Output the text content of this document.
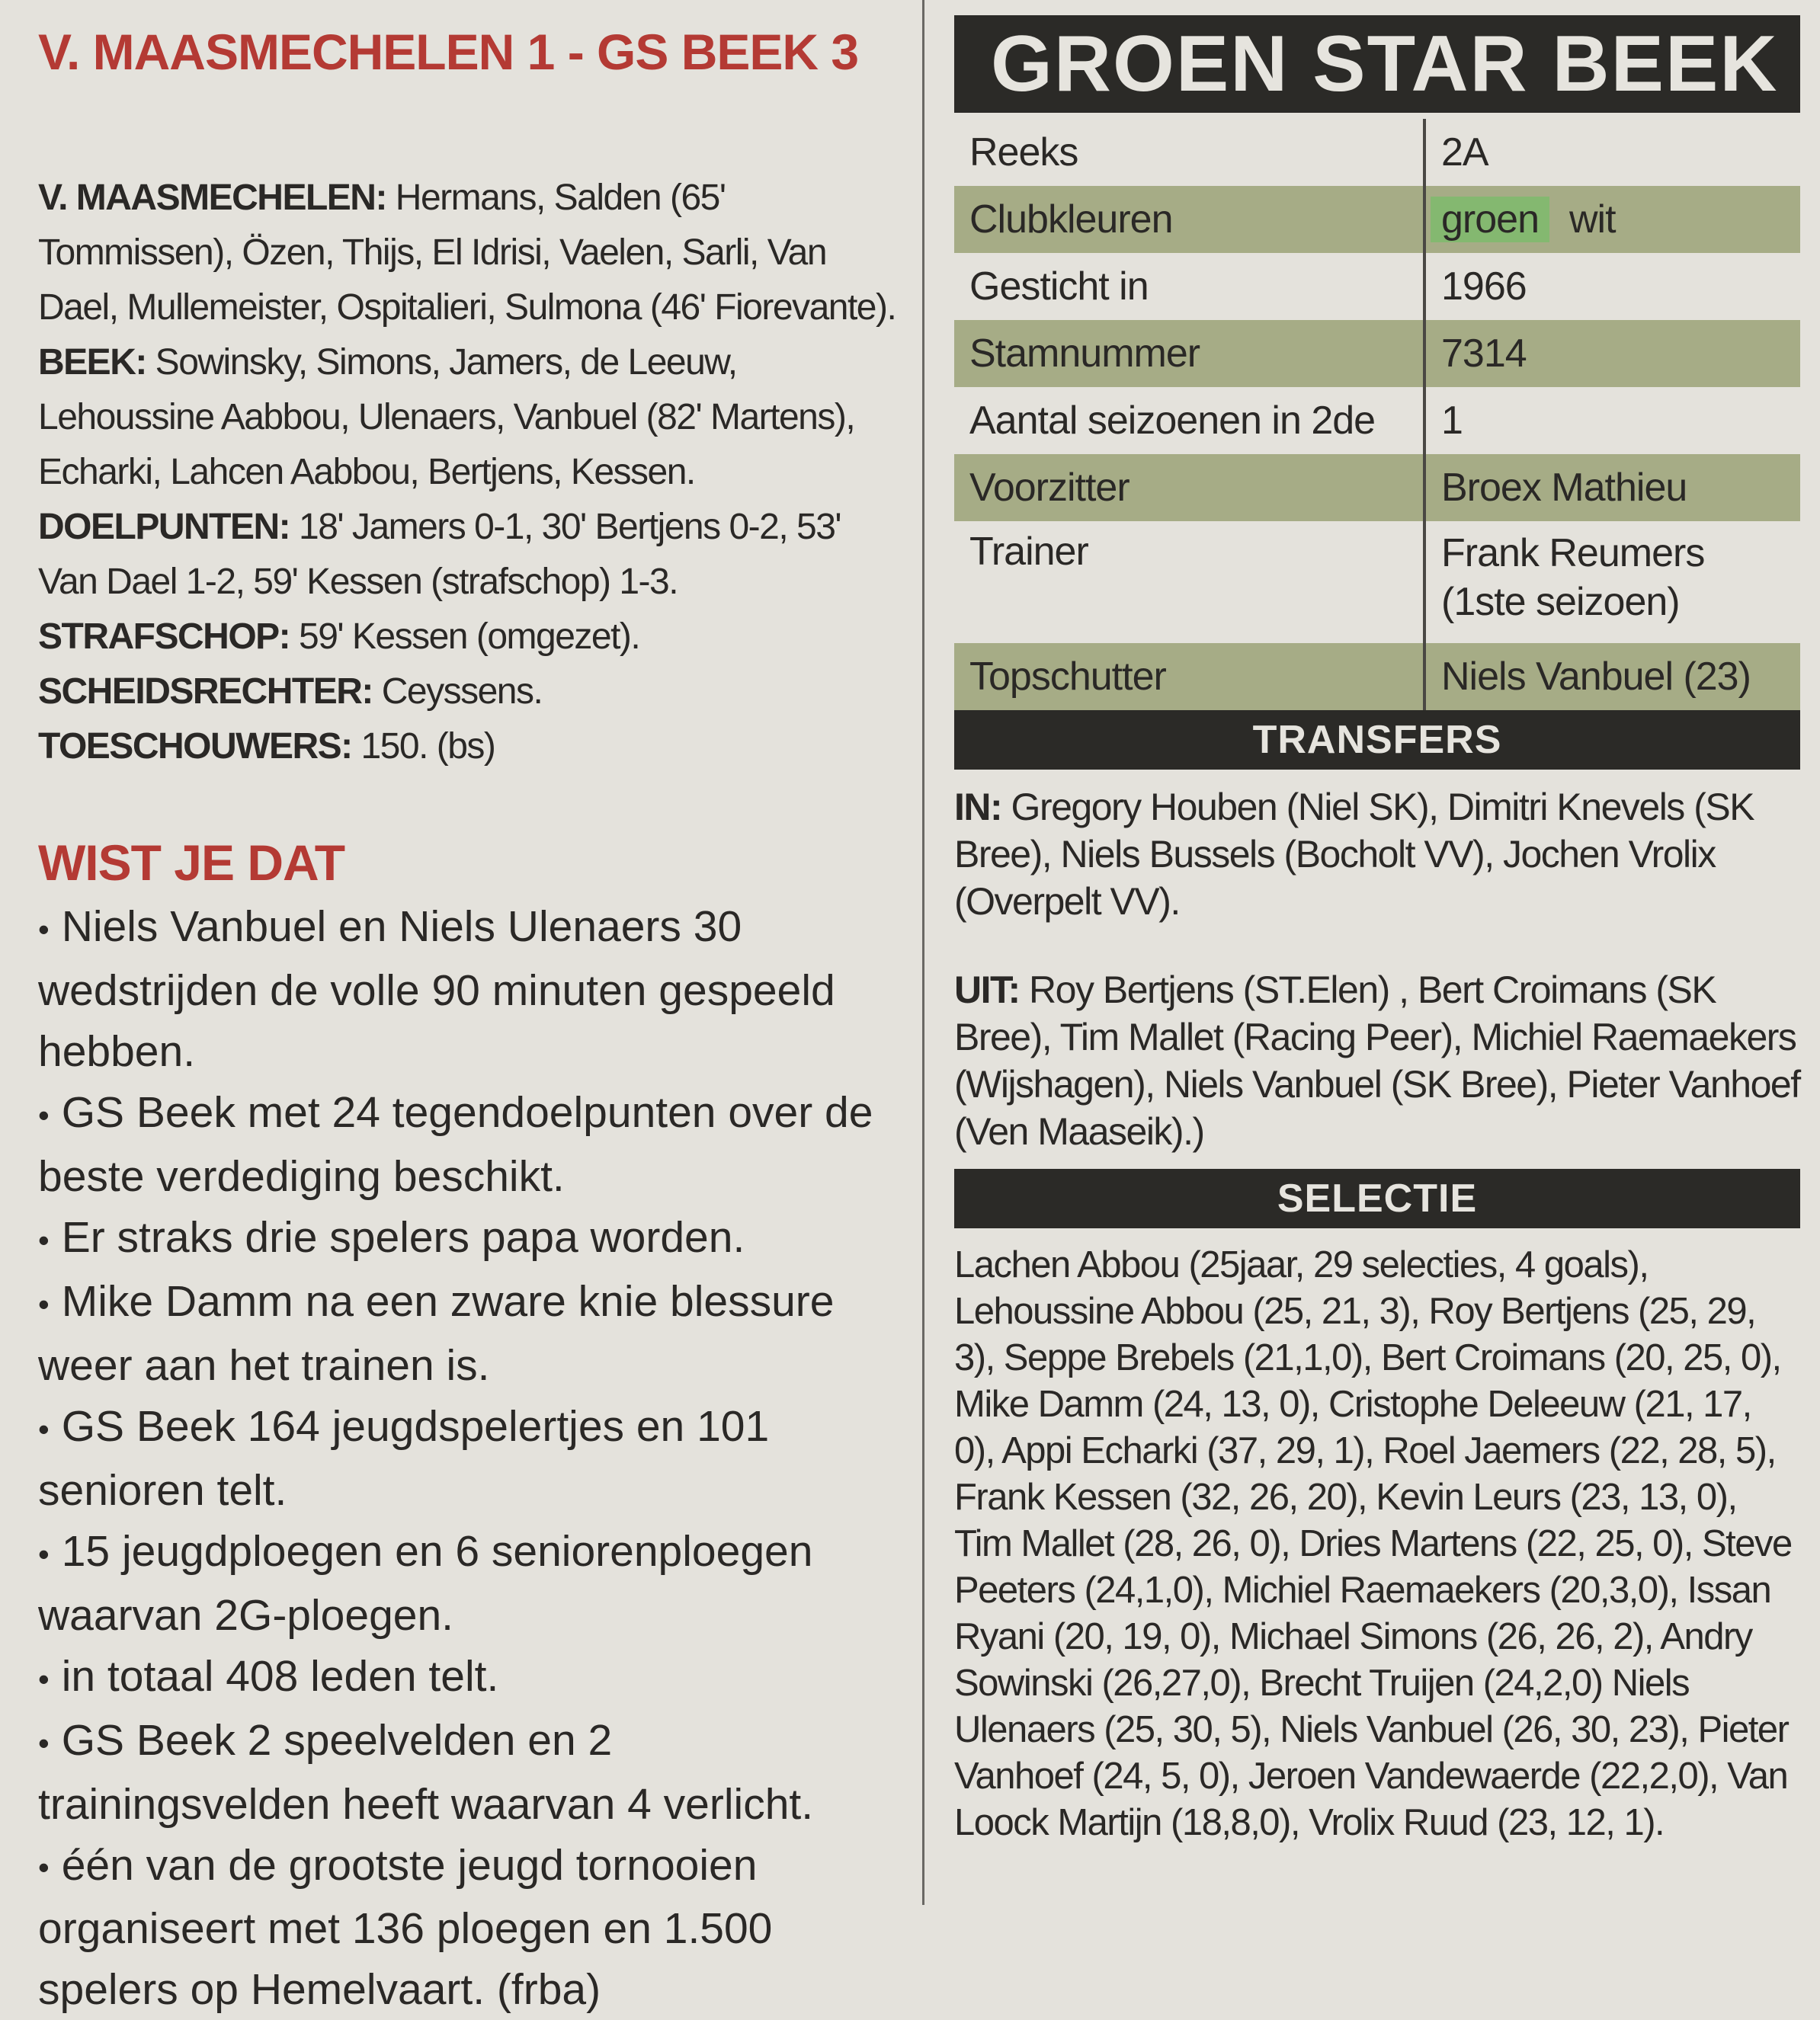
V. MAASMECHELEN 1 - GS BEEK 3

V. MAASMECHELEN: Hermans, Salden (65' Tommissen), Özen, Thijs, El Idrisi, Vaelen, Sarli, Van Dael, Mullemeister, Ospitalieri, Sulmona (46' Fiorevante).

BEEK: Sowinsky, Simons, Jamers, de Leeuw, Lehoussine Aabbou, Ulenaers, Vanbuel (82' Martens), Echarki, Lahcen Aabbou, Bertjens, Kessen.

DOELPUNTEN: 18' Jamers 0-1, 30' Bertjens 0-2, 53' Van Dael 1-2, 59' Kessen (strafschop) 1-3.

STRAFSCHOP: 59' Kessen (omgezet).

SCHEIDSRECHTER: Ceyssens.

TOESCHOUWERS: 150. (bs)

WIST JE DAT

• Niels Vanbuel en Niels Ulenaers 30 wedstrijden de volle 90 minuten gespeeld hebben.

• GS Beek met 24 tegendoelpunten over de beste verdediging beschikt.

• Er straks drie spelers papa worden.

• Mike Damm na een zware knie blessure weer aan het trainen is.

• GS Beek 164 jeugdspelertjes en 101 senioren telt.

• 15 jeugdploegen en 6 seniorenploegen waarvan 2G-ploegen.

• in totaal 408 leden telt.

• GS Beek 2 speelvelden en 2 trainingsvelden heeft waarvan 4 verlicht.

• één van de grootste jeugd tornooien organiseert met 136 ploegen en 1.500 spelers op Hemelvaart. (frba)

GROEN STAR BEEK
Reeks	2A
Clubkleuren	groen wit
Gesticht in	1966
Stamnummer	7314
Aantal seizoenen in 2de	1
Voorzitter	Broex Mathieu
Trainer	Frank Reumers
(1ste seizoen)

Topschutter	Niels Vanbuel (23)
TRANSFERS

IN: Gregory Houben (Niel SK), Dimitri Knevels (SK Bree), Niels Bussels (Bocholt VV), Jochen Vrolix (Overpelt VV).

UIT: Roy Bertjens (ST.Elen) , Bert Croimans (SK Bree), Tim Mallet (Racing Peer), Michiel Raemaekers (Wijshagen), Niels Vanbuel (SK Bree), Pieter Vanhoef (Ven Maaseik).)

SELECTIE
Lachen Abbou (25jaar, 29 selecties, 4 goals), Lehoussine Abbou (25, 21, 3), Roy Bertjens (25, 29, 3), Seppe Brebels (21,1,0), Bert Croimans (20, 25, 0), Mike Damm (24, 13, 0), Cristophe Deleeuw (21, 17, 0), Appi Echarki (37, 29, 1), Roel Jaemers (22, 28, 5), Frank Kessen (32, 26, 20), Kevin Leurs (23, 13, 0), Tim Mallet (28, 26, 0), Dries Martens (22, 25, 0), Steve Peeters (24,1,0), Michiel Raemaekers (20,3,0), Issan Ryani (20, 19, 0), Michael Simons (26, 26, 2), Andry Sowinski (26,27,0), Brecht Truijen (24,2,0) Niels Ulenaers (25, 30, 5), Niels Vanbuel (26, 30, 23), Pieter Vanhoef (24, 5, 0), Jeroen Vandewaerde (22,2,0), Van Loock Martijn (18,8,0), Vrolix Ruud (23, 12, 1).
